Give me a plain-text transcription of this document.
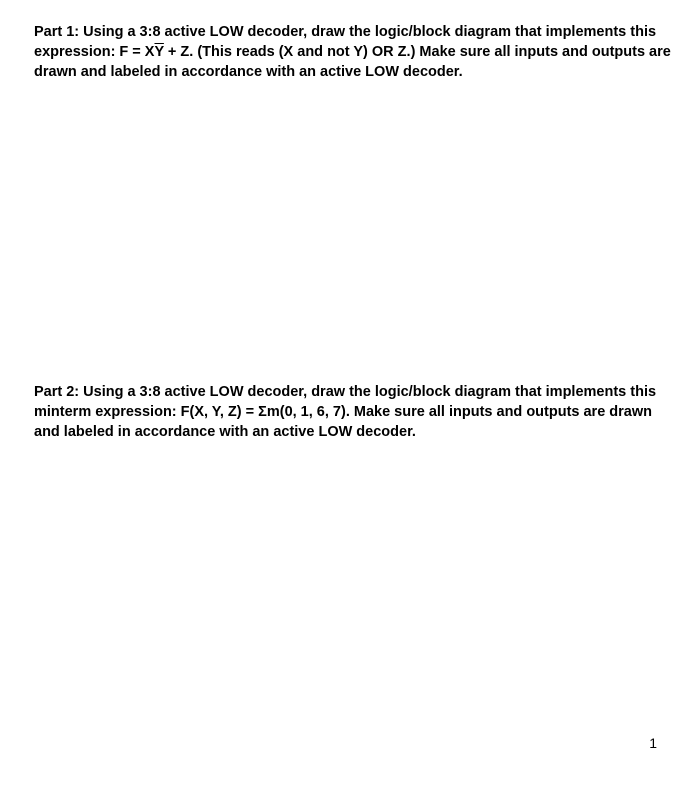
Part 1: Using a 3:8 active LOW decoder, draw the logic/block diagram that implements this expression: $F = X\overline{Y} + Z$. (This reads (X and not Y) OR Z.) Make sure all inputs and outputs are drawn and labeled in accordance with an active LOW decoder.

Part 2: Using a 3:8 active LOW decoder, draw the logic/block diagram that implements this minterm expression: F(X, Y, Z) = Σm(0, 1, 6, 7). Make sure all inputs and outputs are drawn and labeled in accordance with an active LOW decoder.

1
